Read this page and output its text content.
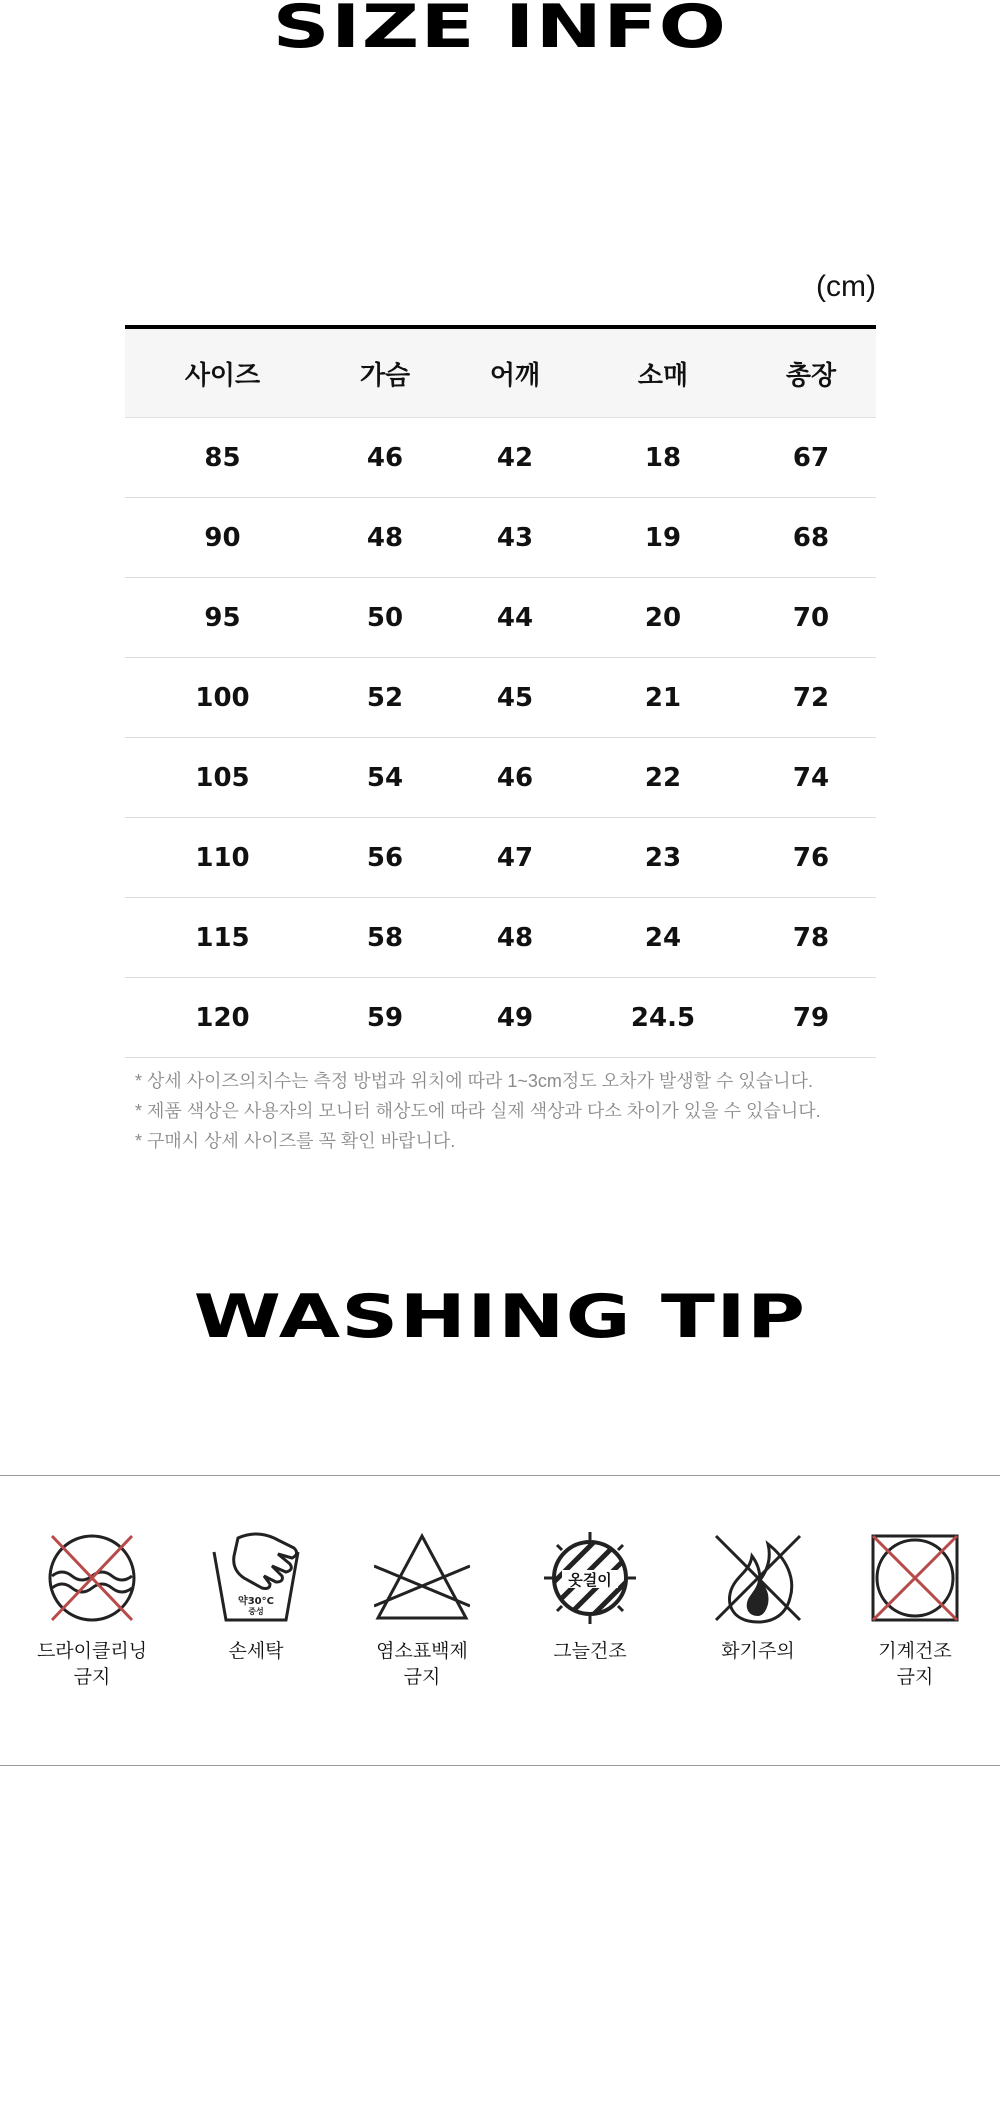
SIZE INFO
(cm)
사이즈	가슴	어깨	소매	총장
85	46	42	18	67
90	48	43	19	68
95	50	44	20	70
100	52	45	21	72
105	54	46	22	74
110	56	47	23	76
115	58	48	24	78
120	59	49	24.5	79
* 상세 사이즈의치수는 측정 방법과 위치에 따라 1~3cm정도 오차가 발생할 수 있습니다.
* 제품 색상은 사용자의 모니터 해상도에 따라 실제 색상과 다소 차이가 있을 수 있습니다.
* 구매시 상세 사이즈를 꼭 확인 바랍니다.
WASHING TIP
드라이클리닝
금지
약30°C
중성
손세탁	염소표백제
금지
옷걸이
그늘건조	화기주의	기계건조
금지
